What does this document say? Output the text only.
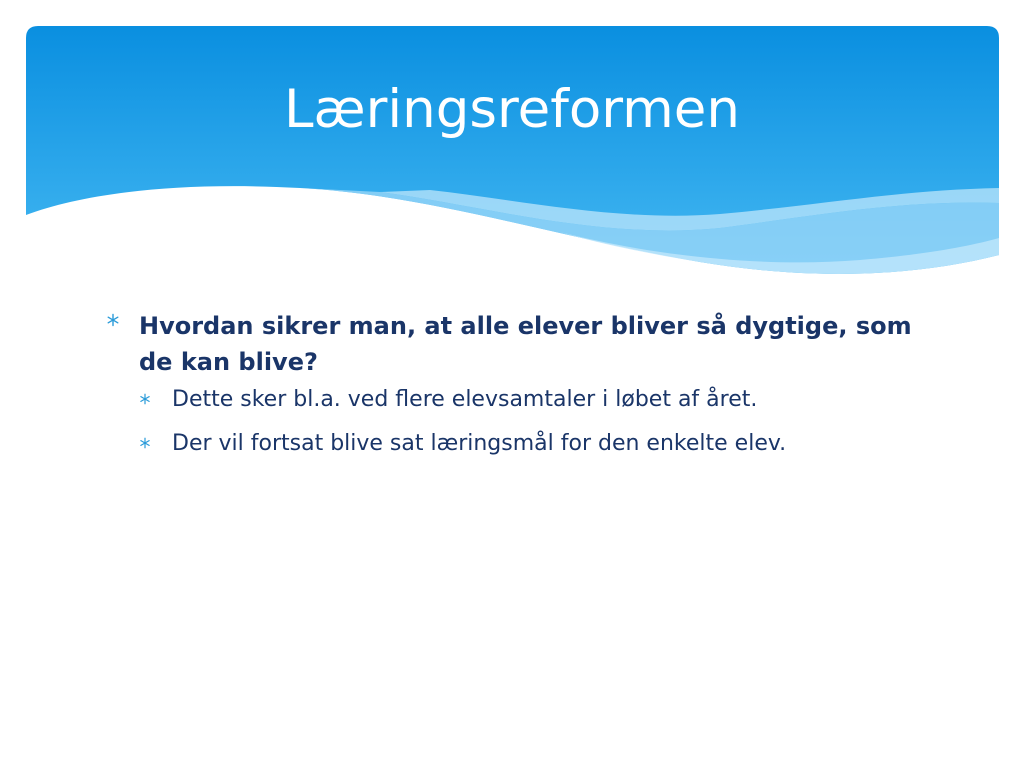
Læringsreformen
Hvordan sikrer man, at alle elever bliver så dygtige, som de kan blive?
Dette sker bl.a. ved flere elevsamtaler i løbet af året.
Der vil fortsat blive sat læringsmål for den enkelte elev.
